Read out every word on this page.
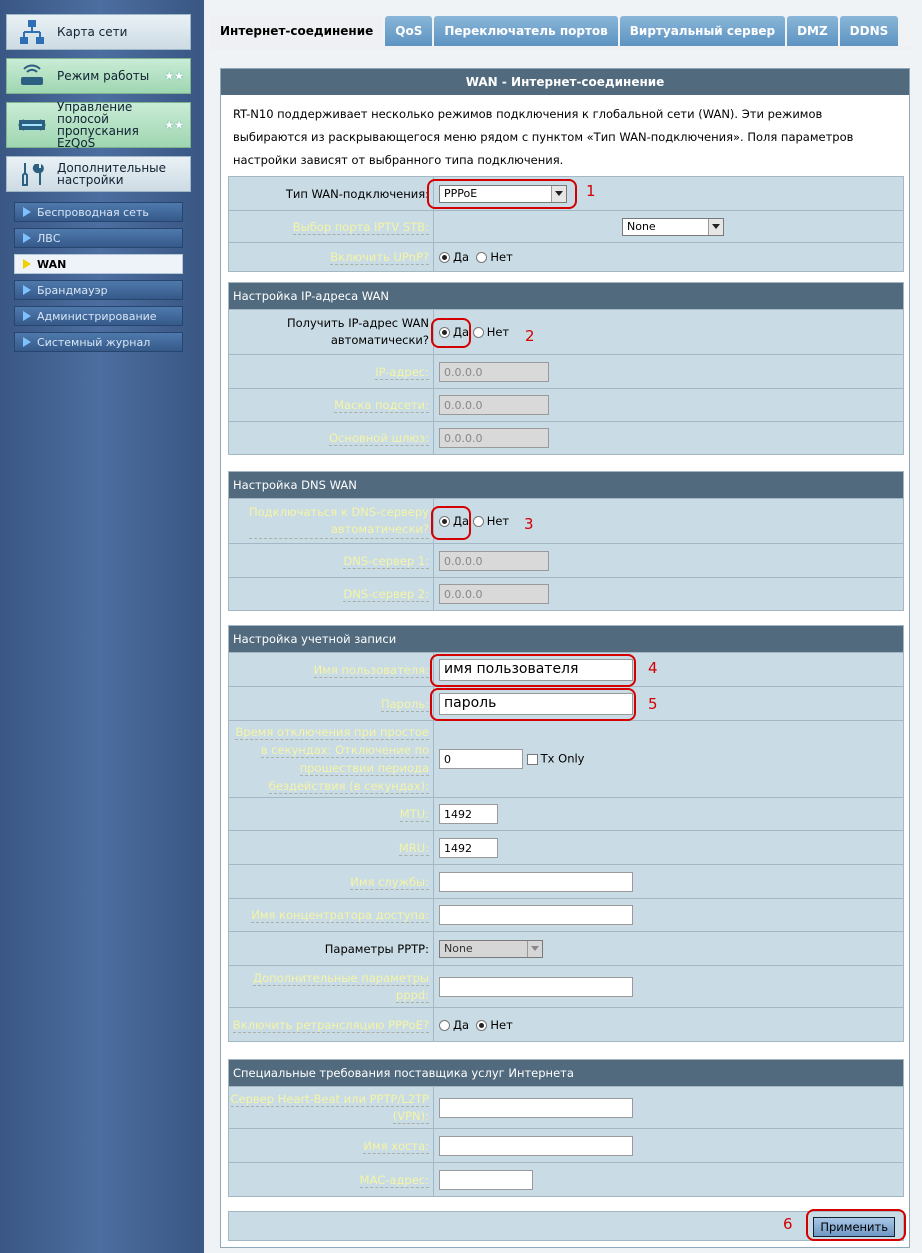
Карта сети
Режим работы ★★
Управление полосой пропускания EzQoS
★★
Дополнительные настройки
Беспроводная сеть
ЛВС
WAN
Брандмауэр
Администрирование
Системный журнал
Интернет-соединение	QoS	Переключатель портов	Виртуальный сервер	DMZ	DDNS
WAN - Интернет-соединение
RT-N10 поддерживает несколько режимов подключения к глобальной сети (WAN). Эти режимов выбираются из раскрывающегося меню рядом с пунктом «Тип WAN-подключения». Поля параметров настройки зависят от выбранного типа подключения.
Тип WAN-подключения:	PPPoE

Выбор порта IPTV STB:	None

Включить UPnP?	Да Нет
Настройка IP-адреса WAN	
Получить IP-адрес WAN автоматически?	Да Нет
IP-адрес:	0.0.0.0
Маска подсети:	0.0.0.0
Основной шлюз:	0.0.0.0
Настройка DNS WAN	
Подключаться к DNS-серверу автоматически?	Да Нет
DNS-сервер 1:	0.0.0.0
DNS-сервер 2:	0.0.0.0
Настройка учетной записи	
Имя пользователя:	имя пользователя
Пароль:	пароль
Время отключения при простое в секундах: Отключение по прошествии периода бездействия (в секундах):	0 Tx Only
MTU:	1492
MRU:	1492
Имя службы:	
Имя концентратора доступа:	
Параметры PPTP:	None

Дополнительные параметры pppd:	
Включить ретрансляцию PPPoE?	Да Нет
Специальные требования поставщика услуг Интернета	
Сервер Heart-Beat или PPTP/L2TP (VPN):	
Имя хоста:	
MAC-адрес:	
Применить
1
2
3
4
5
6
